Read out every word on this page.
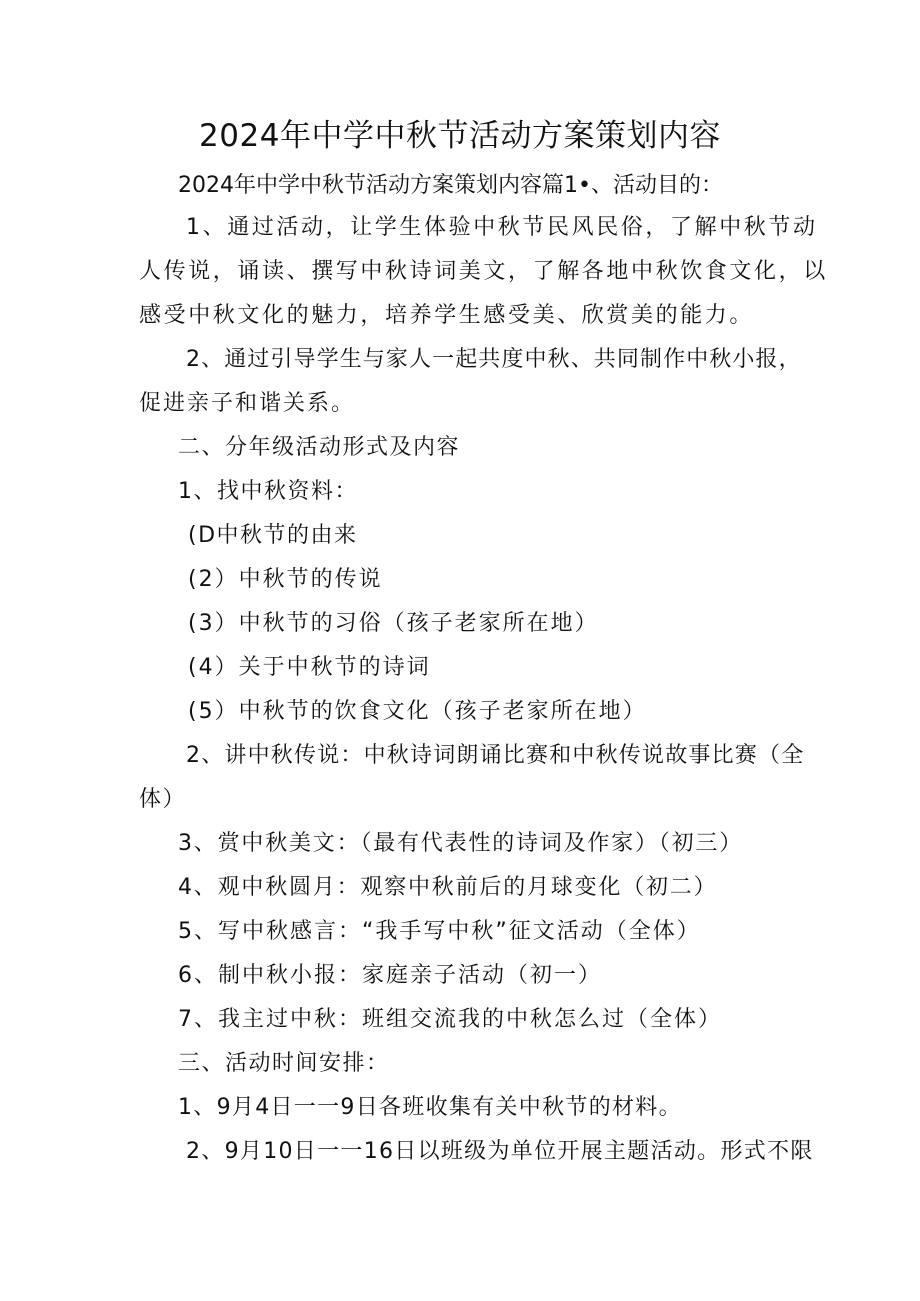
2024年中学中秋节活动方案策划内容

2024年中学中秋节活动方案策划内容篇1•、活动目的：

1、通过活动，让学生体验中秋节民风民俗，了解中秋节动

人传说，诵读、撰写中秋诗词美文，了解各地中秋饮食文化，以

感受中秋文化的魅力，培养学生感受美、欣赏美的能力。

2、通过引导学生与家人一起共度中秋、共同制作中秋小报，

促进亲子和谐关系。

二、分年级活动形式及内容

1、找中秋资料：

(D中秋节的由来

(2）中秋节的传说

(3）中秋节的习俗（孩子老家所在地）

(4）关于中秋节的诗词

(5）中秋节的饮食文化（孩子老家所在地）

2、讲中秋传说：中秋诗词朗诵比赛和中秋传说故事比赛（全

体）

3、赏中秋美文：（最有代表性的诗词及作家）（初三）

4、观中秋圆月：观察中秋前后的月球变化（初二）

5、写中秋感言：“我手写中秋”征文活动（全体）

6、制中秋小报：家庭亲子活动（初一）

7、我主过中秋：班组交流我的中秋怎么过（全体）

三、活动时间安排：

1、9月4日一一9日各班收集有关中秋节的材料。

2、9月10日一一16日以班级为单位开展主题活动。形式不限
